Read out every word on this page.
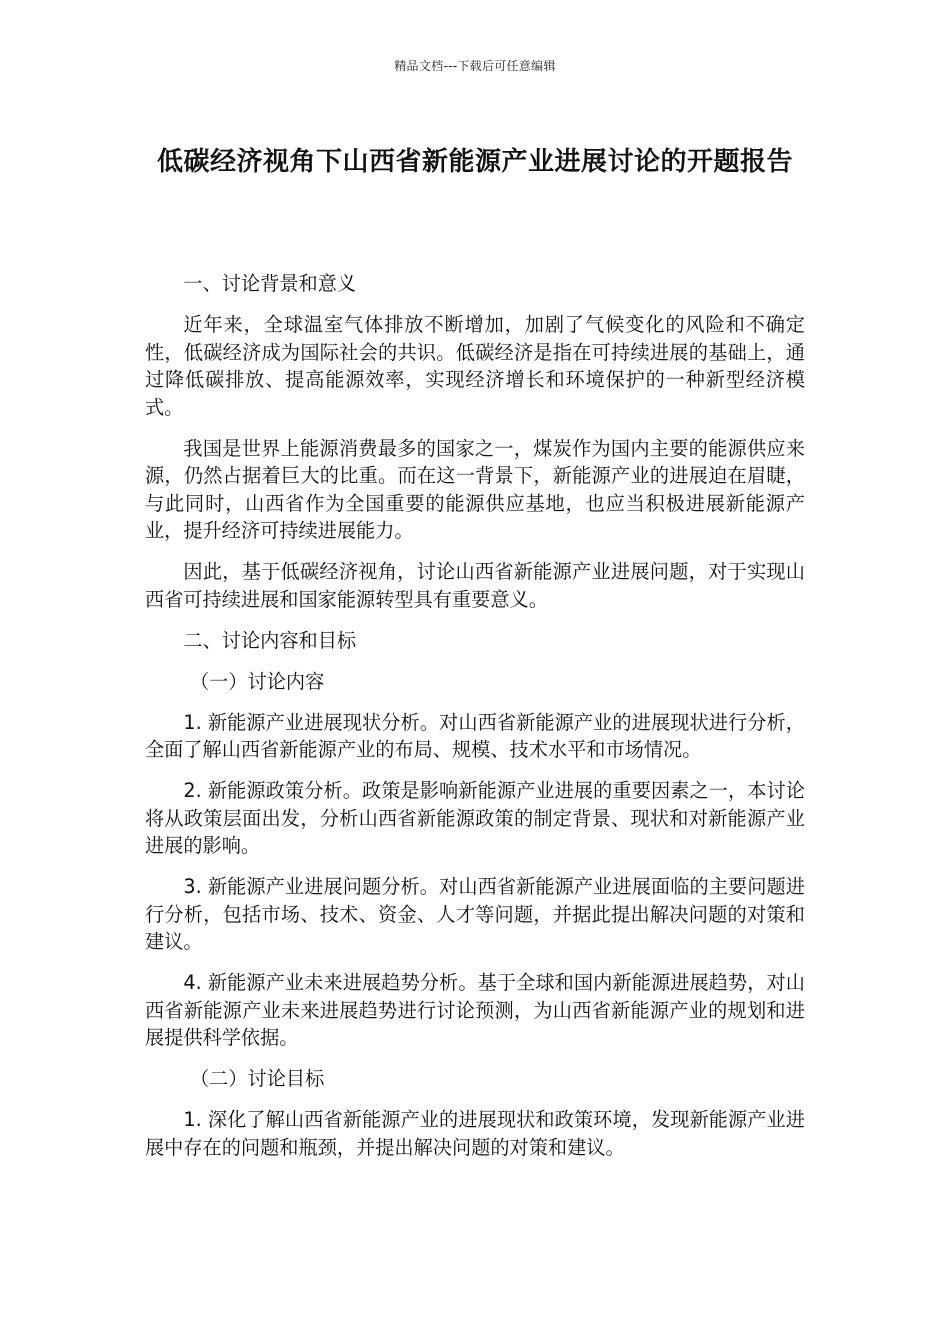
精品文档---下载后可任意编辑
低碳经济视角下山西省新能源产业进展讨论的开题报告
一、讨论背景和意义
近年来，全球温室气体排放不断增加，加剧了气候变化的风险和不确定性，低碳经济成为国际社会的共识。低碳经济是指在可持续进展的基础上，通过降低碳排放、提高能源效率，实现经济增长和环境保护的一种新型经济模式。
我国是世界上能源消费最多的国家之一，煤炭作为国内主要的能源供应来源，仍然占据着巨大的比重。而在这一背景下，新能源产业的进展迫在眉睫，与此同时，山西省作为全国重要的能源供应基地，也应当积极进展新能源产业，提升经济可持续进展能力。
因此，基于低碳经济视角，讨论山西省新能源产业进展问题，对于实现山西省可持续进展和国家能源转型具有重要意义。
二、讨论内容和目标
（一）讨论内容
1. 新能源产业进展现状分析。对山西省新能源产业的进展现状进行分析，全面了解山西省新能源产业的布局、规模、技术水平和市场情况。
2. 新能源政策分析。政策是影响新能源产业进展的重要因素之一，本讨论将从政策层面出发，分析山西省新能源政策的制定背景、现状和对新能源产业进展的影响。
3. 新能源产业进展问题分析。对山西省新能源产业进展面临的主要问题进行分析，包括市场、技术、资金、人才等问题，并据此提出解决问题的对策和建议。
4. 新能源产业未来进展趋势分析。基于全球和国内新能源进展趋势，对山西省新能源产业未来进展趋势进行讨论预测，为山西省新能源产业的规划和进展提供科学依据。
（二）讨论目标
1. 深化了解山西省新能源产业的进展现状和政策环境，发现新能源产业进展中存在的问题和瓶颈，并提出解决问题的对策和建议。
